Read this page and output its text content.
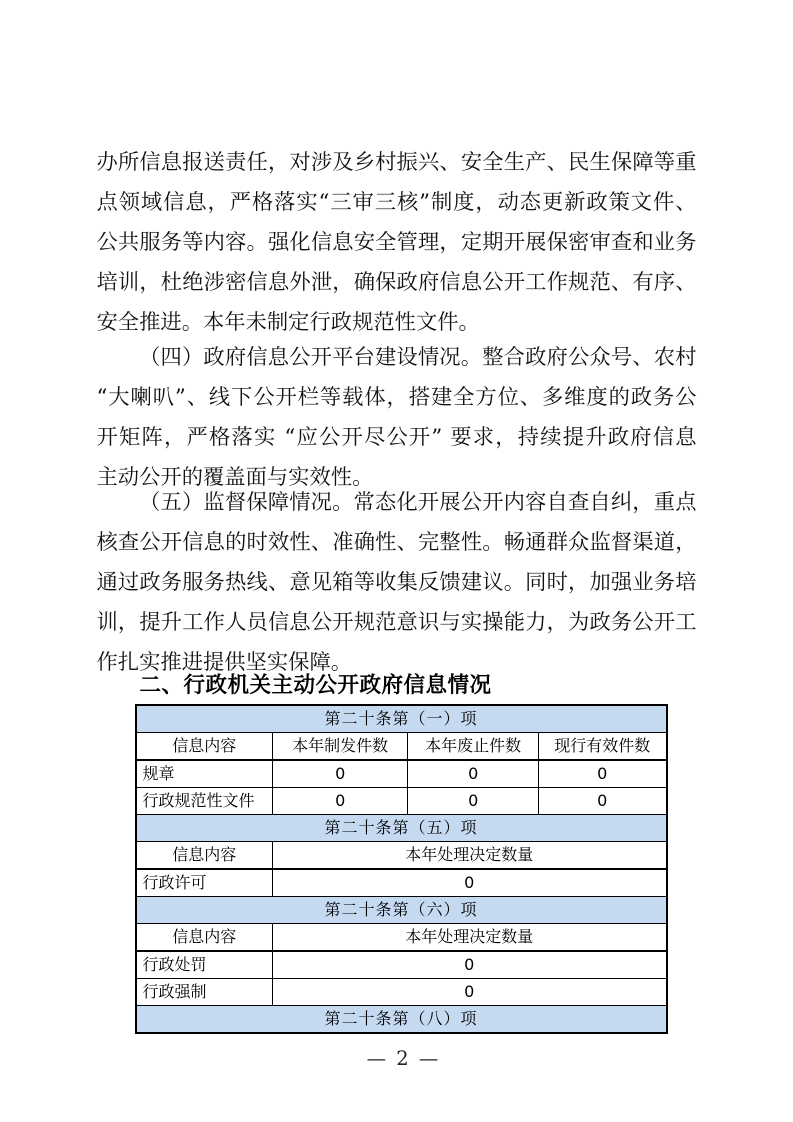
办所信息报送责任，对涉及乡村振兴、安全生产、民生保障等重
点领域信息，严格落实“三审三核”制度，动态更新政策文件、
公共服务等内容。强化信息安全管理，定期开展保密审查和业务
培训，杜绝涉密信息外泄，确保政府信息公开工作规范、有序、
安全推进。本年未制定行政规范性文件。

（四）政府信息公开平台建设情况。整合政府公众号、农村
“大喇叭”、线下公开栏等载体，搭建全方位、多维度的政务公
开矩阵，严格落实 “应公开尽公开” 要求，持续提升政府信息
主动公开的覆盖面与实效性。

（五）监督保障情况。常态化开展公开内容自查自纠，重点
核查公开信息的时效性、准确性、完整性。畅通群众监督渠道，
通过政务服务热线、意见箱等收集反馈建议。同时，加强业务培
训，提升工作人员信息公开规范意识与实操能力，为政务公开工
作扎实推进提供坚实保障。

二、行政机关主动公开政府信息情况
第二十条第（一）项			
信息内容	本年制发件数	本年废止件数	现行有效件数
规章	0	0	0
行政规范性文件	0	0	0
第二十条第（五）项			
信息内容	本年处理决定数量		
行政许可	0		
第二十条第（六）项			
信息内容	本年处理决定数量		
行政处罚	0		
行政强制	0		
第二十条第（八）项			
— 2 —
